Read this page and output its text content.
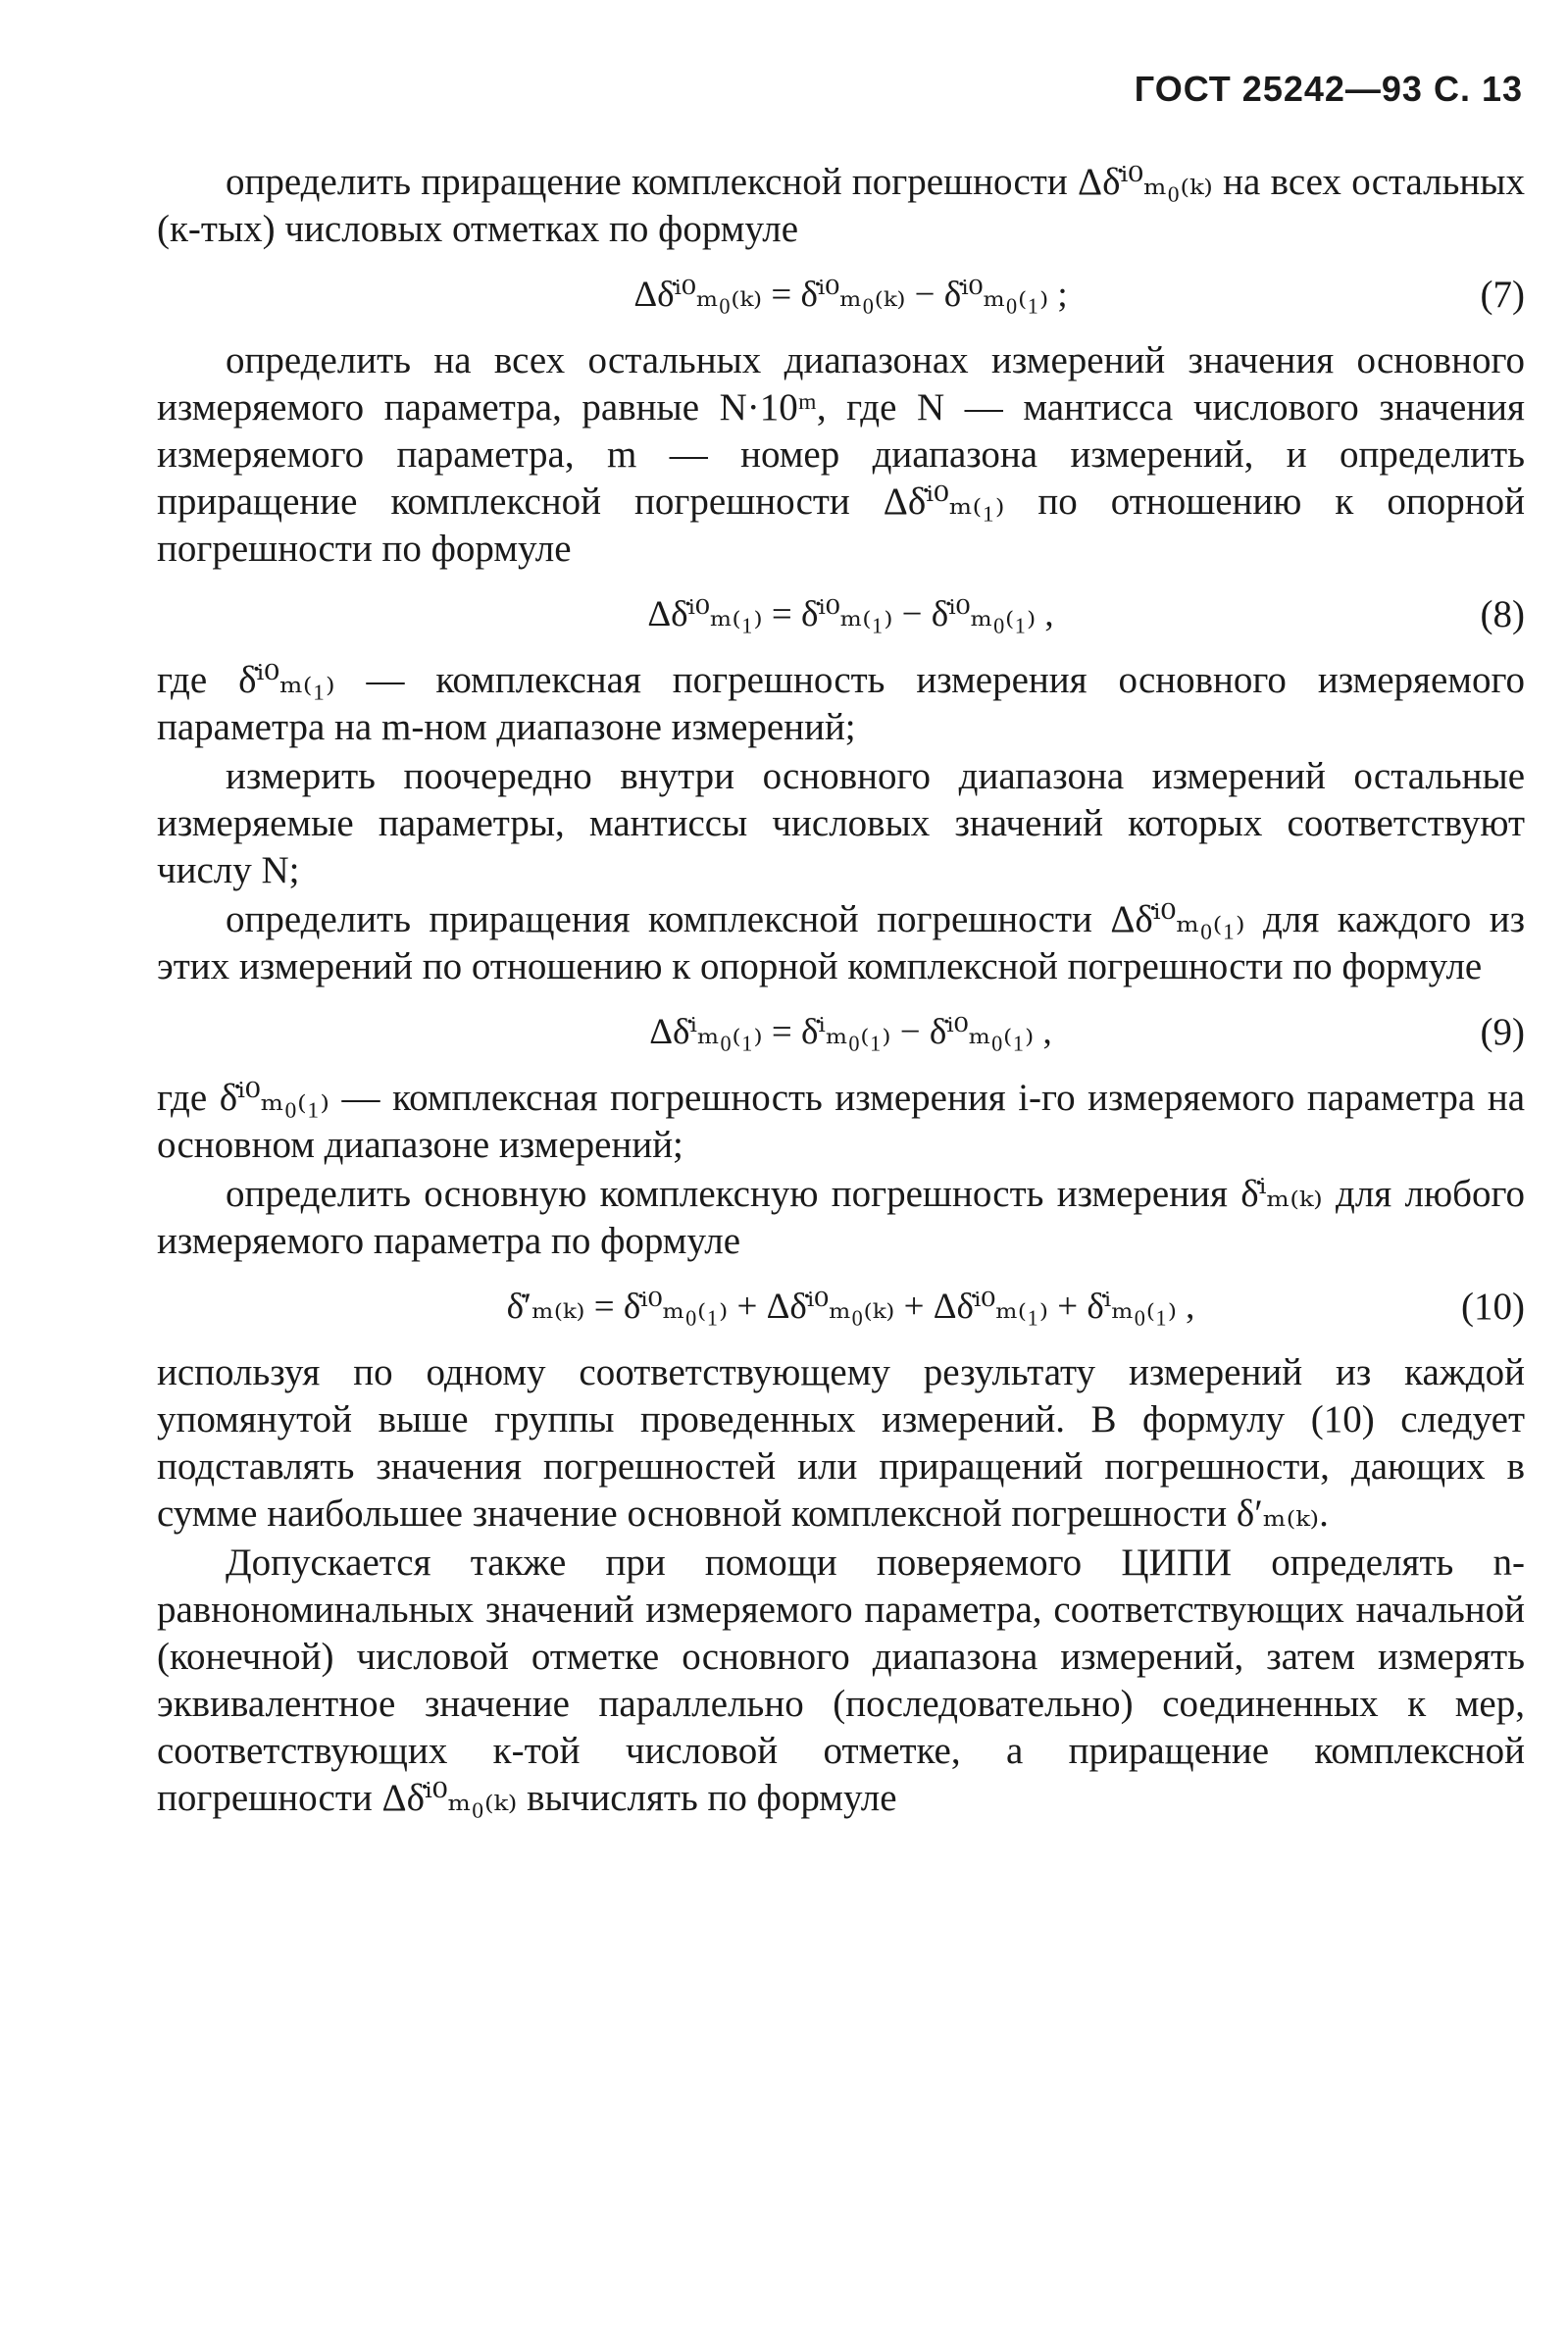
ГОСТ 25242—93 С. 13

определить приращение комплексной погрешности Δδ̇ⁱ⁰ₘ₀₍ₖ₎ на всех остальных (к-тых) числовых отметках по формуле

Δδ̇ⁱ⁰ₘ₀₍ₖ₎ = δ̇ⁱ⁰ₘ₀₍ₖ₎ − δ̇ⁱ⁰ₘ₀₍₁₎ ;	(7)

определить на всех остальных диапазонах измерений значения основного измеряемого параметра, равные N·10ᵐ, где N — мантисса числового значения измеряемого параметра, m — номер диапазона измерений, и определить приращение комплексной погрешности Δδ̇ⁱ⁰ₘ₍₁₎ по отношению к опорной погрешности по формуле

Δδ̇ⁱ⁰ₘ₍₁₎ = δ̇ⁱ⁰ₘ₍₁₎ − δ̇ⁱ⁰ₘ₀₍₁₎ ,	(8)

где δ̇ⁱ⁰ₘ₍₁₎ — комплексная погрешность измерения основного измеряемого параметра на m-ном диапазоне измерений;

измерить поочередно внутри основного диапазона измерений остальные измеряемые параметры, мантиссы числовых значений которых соответствуют числу N;

определить приращения комплексной погрешности Δδ̇ⁱ⁰ₘ₀₍₁₎ для каждого из этих измерений по отношению к опорной комплексной погрешности по формуле

Δδ̇ⁱₘ₀₍₁₎ = δ̇ⁱₘ₀₍₁₎ − δ̇ⁱ⁰ₘ₀₍₁₎ ,	(9)

где δ̇ⁱ⁰ₘ₀₍₁₎ — комплексная погрешность измерения i-го измеряемого параметра на основном диапазоне измерений;

определить основную комплексную погрешность измерения δ̇ⁱₘ₍ₖ₎ для любого измеряемого параметра по формуле

δ̇′ₘ₍ₖ₎ = δ̇ⁱ⁰ₘ₀₍₁₎ + Δδ̇ⁱ⁰ₘ₀₍ₖ₎ + Δδ̇ⁱ⁰ₘ₍₁₎ + δ̇ⁱₘ₀₍₁₎ ,	(10)

используя по одному соответствующему результату измерений из каждой упомянутой выше группы проведенных измерений. В формулу (10) следует подставлять значения погрешностей или приращений погрешности, дающих в сумме наибольшее значение основной комплексной погрешности δ′ₘ₍ₖ₎.

Допускается также при помощи поверяемого ЦИПИ определять n-равнономинальных значений измеряемого параметра, соответствующих начальной (конечной) числовой отметке основного диапазона измерений, затем измерять эквивалентное значение параллельно (последовательно) соединенных к мер, соответствующих к-той числовой отметке, а приращение комплексной погрешности Δδ̇ⁱ⁰ₘ₀₍ₖ₎ вычислять по формуле
